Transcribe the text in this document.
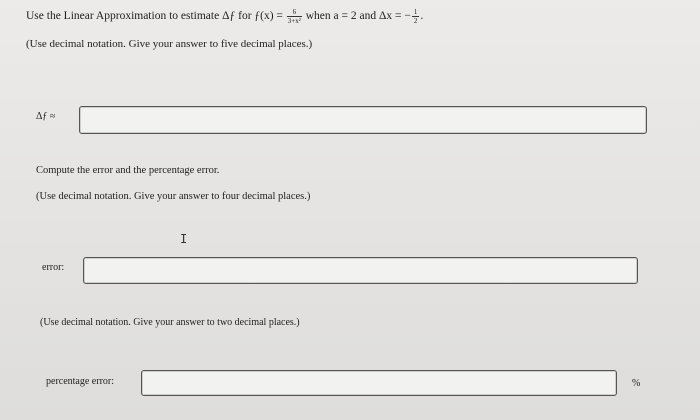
Use the Linear Approximation to estimate Δƒ for ƒ(x) = $\frac{6}{\text{3+x²}}$ when a = 2 and Δx = − $\frac{1}{2}$ .
(Use decimal notation. Give your answer to five decimal places.)
Δƒ ≈
Compute the error and the percentage error.
(Use decimal notation. Give your answer to four decimal places.)
I
error:
(Use decimal notation. Give your answer to two decimal places.)
percentage error:	%
